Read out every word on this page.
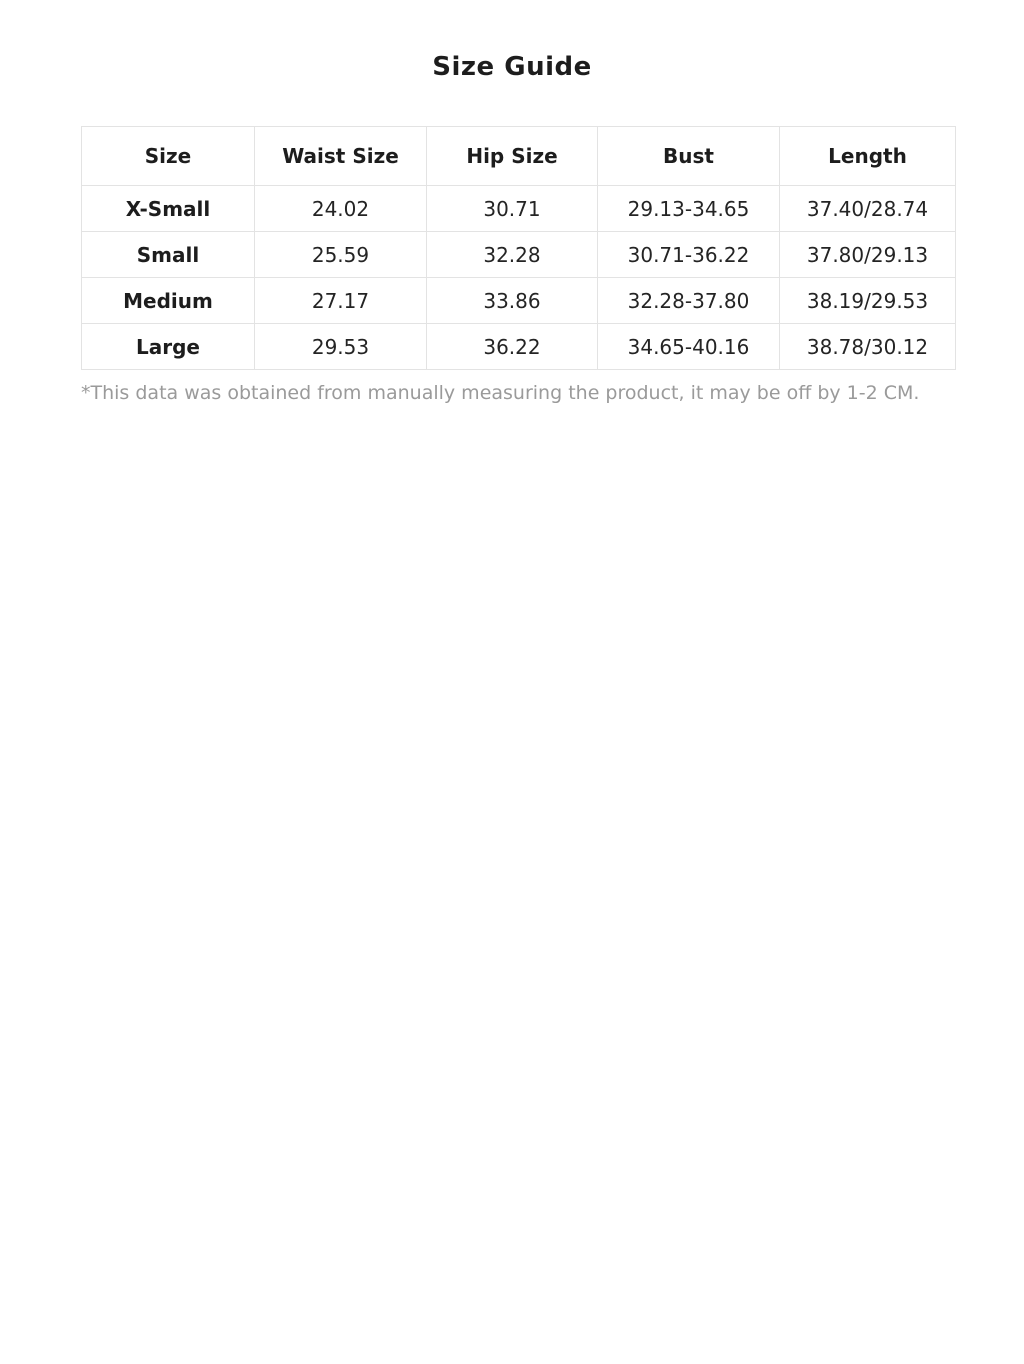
Size Guide
Size	Waist Size	Hip Size	Bust	Length
X-Small	24.02	30.71	29.13-34.65	37.40/28.74
Small	25.59	32.28	30.71-36.22	37.80/29.13
Medium	27.17	33.86	32.28-37.80	38.19/29.53
Large	29.53	36.22	34.65-40.16	38.78/30.12

*This data was obtained from manually measuring the product, it may be off by 1-2 CM.
